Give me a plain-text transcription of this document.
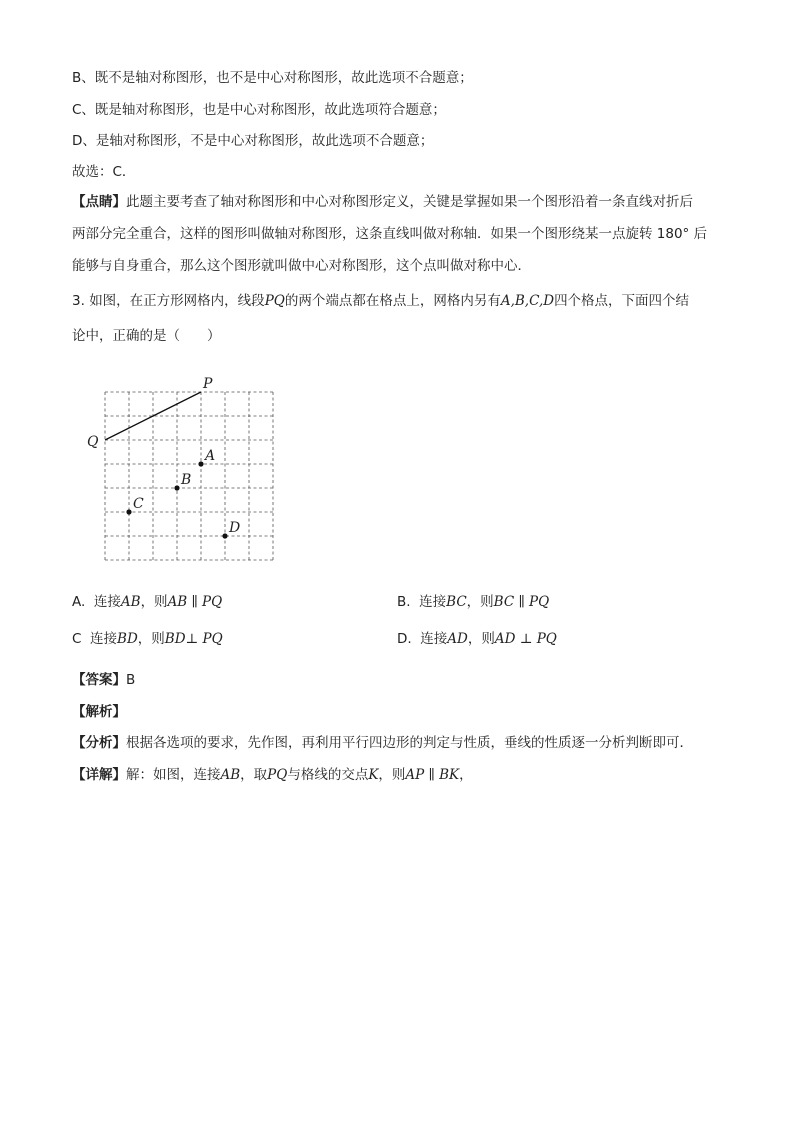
B、既不是轴对称图形，也不是中心对称图形，故此选项不合题意；
C、既是轴对称图形，也是中心对称图形，故此选项符合题意；
D、是轴对称图形，不是中心对称图形，故此选项不合题意；
故选：C．
【点睛】此题主要考查了轴对称图形和中心对称图形定义，关键是掌握如果一个图形沿着一条直线对折后
两部分完全重合，这样的图形叫做轴对称图形，这条直线叫做对称轴．如果一个图形绕某一点旋转 180° 后
能够与自身重合，那么这个图形就叫做中心对称图形，这个点叫做对称中心．
3. 如图，在正方形网格内，线段PQ的两个端点都在格点上，网格内另有A,B,C,D四个格点，下面四个结
论中，正确的是（　　）
P
Q
A
B
C
D
A. 连接AB，则AB ∥ PQ	B. 连接BC，则BC ∥ PQ
C 连接BD，则BD⊥ PQ	D. 连接AD，则AD ⊥ PQ
【答案】B
【解析】
【分析】根据各选项的要求，先作图，再利用平行四边形的判定与性质，垂线的性质逐一分析判断即可．
【详解】解：如图，连接AB，取PQ与格线的交点K，则AP ∥ BK，
